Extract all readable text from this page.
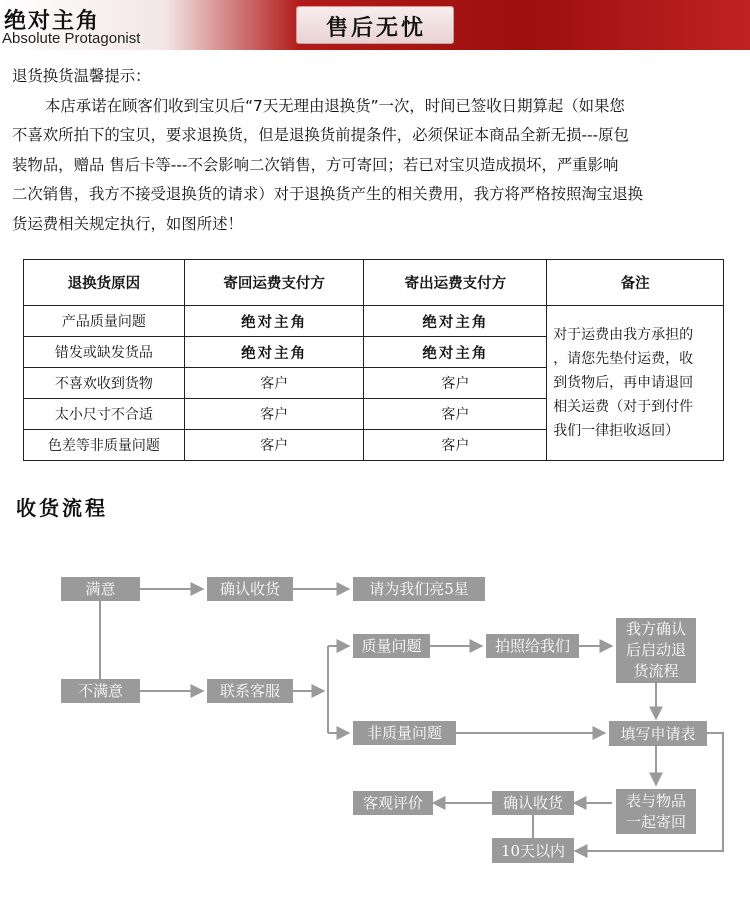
绝对主角
Absolute Protagonist	售后无忧
退货换货温馨提示：
本店承诺在顾客们收到宝贝后“7天无理由退换货”一次，时间已签收日期算起（如果您
不喜欢所拍下的宝贝，要求退换货，但是退换货前提条件，必须保证本商品全新无损---原包
装物品，赠品 售后卡等---不会影响二次销售，方可寄回；若已对宝贝造成损坏，严重影响
二次销售，我方不接受退换货的请求）对于退换货产生的相关费用，我方将严格按照淘宝退换
货运费相关规定执行，如图所述！
退换货原因	寄回运费支付方	寄出运费支付方	备注
产品质量问题	绝对主角	绝对主角	对于运费由我方承担的
，请您先垫付运费，收
到货物后，再申请退回
相关运费（对于到付件
我们一律拒收返回）

错发或缺发货品	绝对主角	绝对主角	
不喜欢收到货物	客户	客户	
太小尺寸不合适	客户	客户	
色差等非质量问题	客户	客户	
收货流程
满意	确认收货	请为我们亮5星
不满意	联系客服
质量问题	拍照给我们
我方确认
后启动退
货流程
非质量问题	填写申请表
表与物品
一起寄回
确认收货
客观评价
10天以内
